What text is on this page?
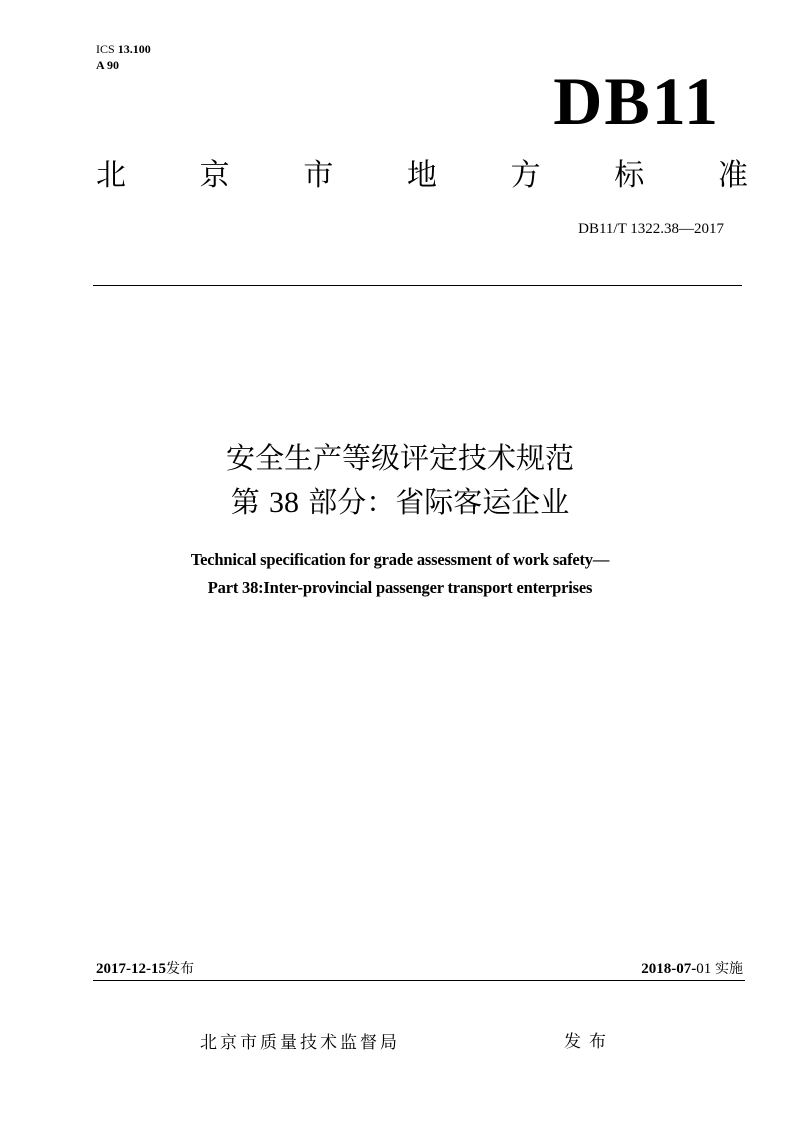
ICS 13.100
A 90	DB11
北 京 市 地 方 标 准
DB11/T 1322.38—2017
安全生产等级评定技术规范
第 38 部分：省际客运企业
Technical specification for grade assessment of work safety—
Part 38:Inter-provincial passenger transport enterprises
2017-12-15发布	2018-07-01 实施
北京市质量技术监督局	发布
